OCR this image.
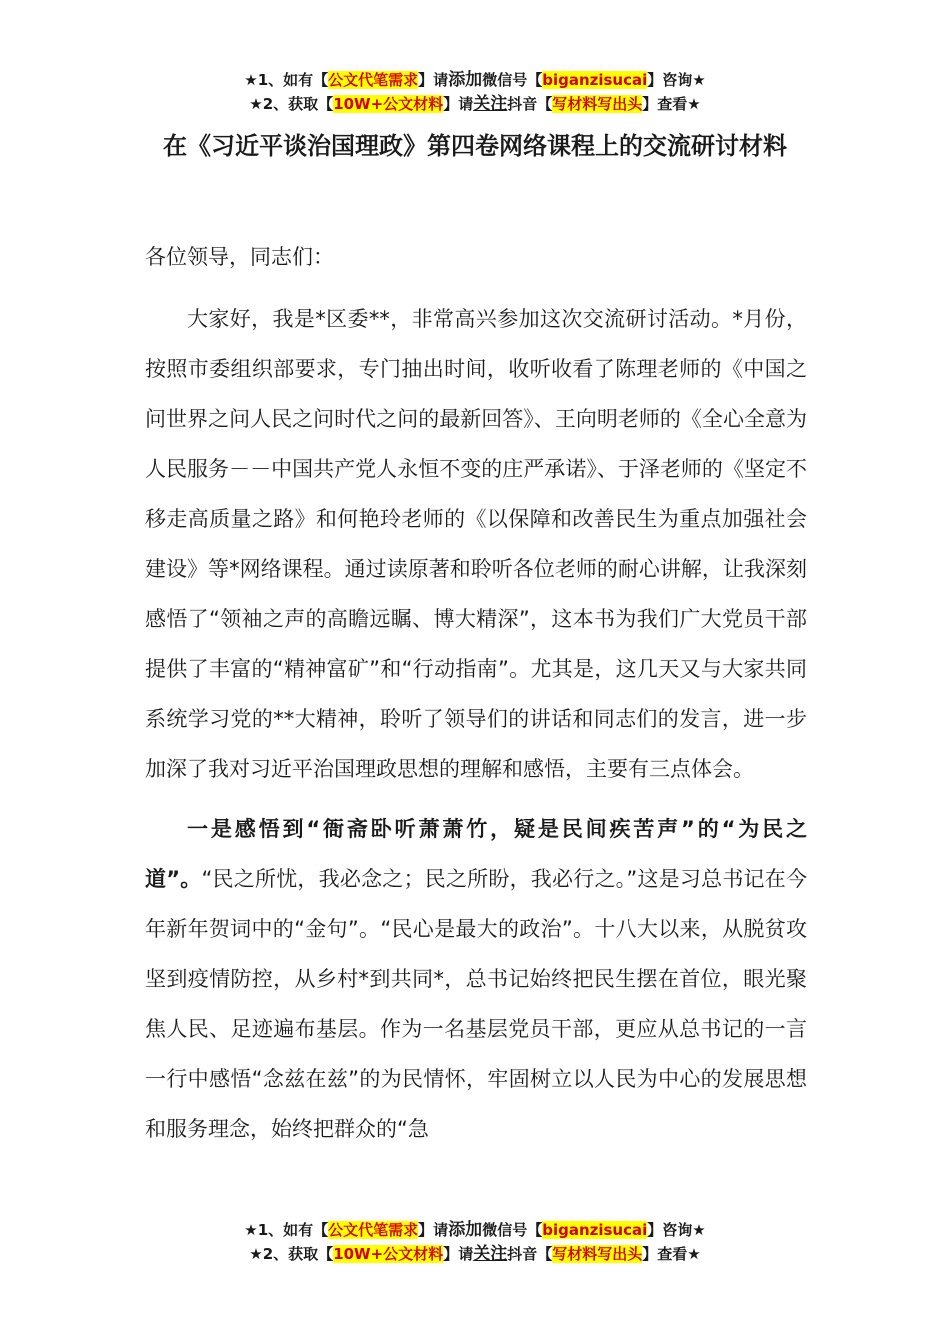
★1、如有【公文代笔需求】请添加微信号【biganzisucai】咨询★
★2、获取【10W+公文材料】请关注抖音【写材料写出头】查看★
在《习近平谈治国理政》第四卷网络课程上的交流研讨材料

各位领导，同志们：

大家好，我是*区委**，非常高兴参加这次交流研讨活动。*月份，按照市委组织部要求，专门抽出时间，收听收看了陈理老师的《中国之问世界之问人民之问时代之问的最新回答》、王向明老师的《全心全意为人民服务－－中国共产党人永恒不变的庄严承诺》、于泽老师的《坚定不移走高质量之路》和何艳玲老师的《以保障和改善民生为重点加强社会建设》等*网络课程。通过读原著和聆听各位老师的耐心讲解，让我深刻感悟了“领袖之声的高瞻远瞩、博大精深”，这本书为我们广大党员干部提供了丰富的“精神富矿”和“行动指南”。尤其是，这几天又与大家共同系统学习党的**大精神，聆听了领导们的讲话和同志们的发言，进一步加深了我对习近平治国理政思想的理解和感悟，主要有三点体会。

一是感悟到“衙斋卧听萧萧竹，疑是民间疾苦声”的“为民之道”。“民之所忧，我必念之；民之所盼，我必行之。”这是习总书记在今年新年贺词中的“金句”。“民心是最大的政治”。十八大以来，从脱贫攻坚到疫情防控，从乡村*到共同*，总书记始终把民生摆在首位，眼光聚焦人民、足迹遍布基层。作为一名基层党员干部，更应从总书记的一言一行中感悟“念兹在兹”的为民情怀，牢固树立以人民为中心的发展思想和服务理念，始终把群众的“急

★1、如有【公文代笔需求】请添加微信号【biganzisucai】咨询★
★2、获取【10W+公文材料】请关注抖音【写材料写出头】查看★
